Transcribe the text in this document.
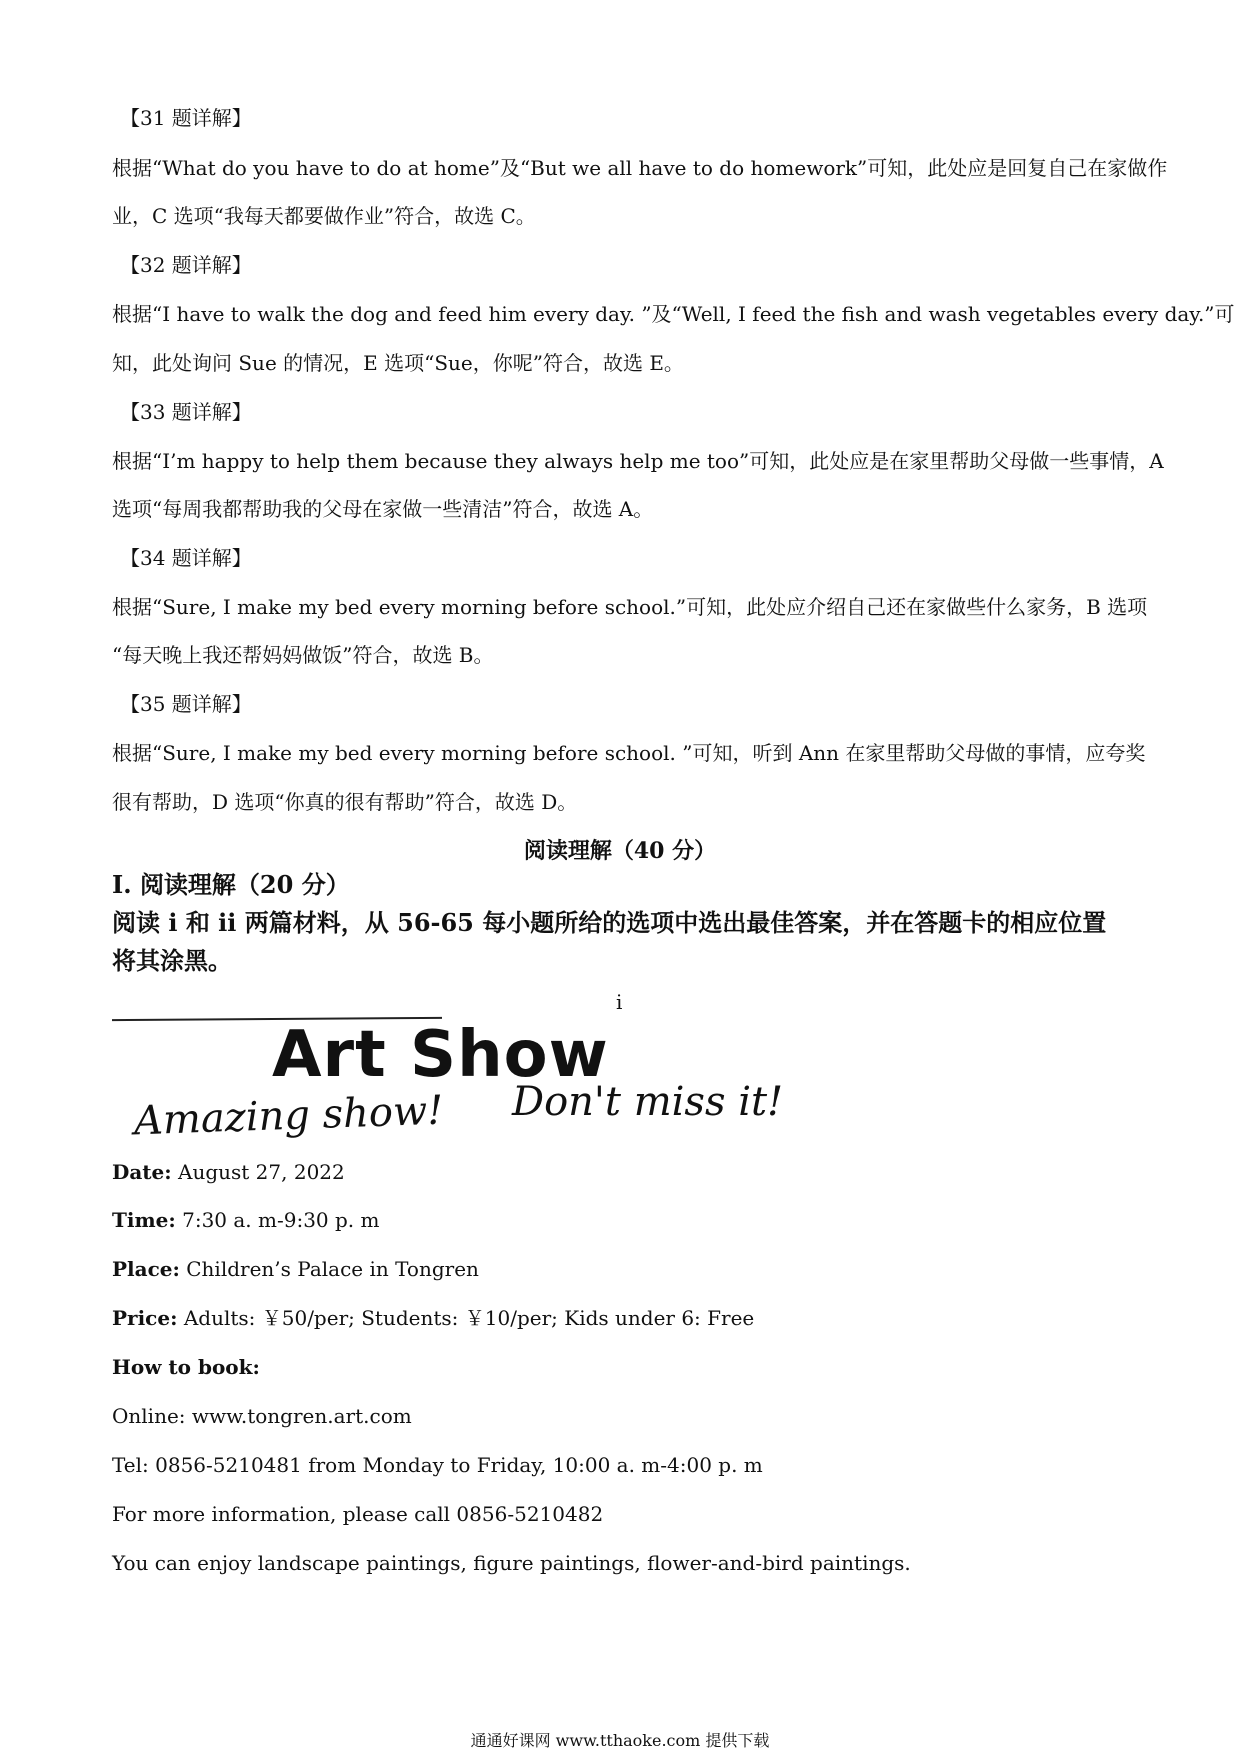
【31 题详解】
根据“What do you have to do at home”及“But we all have to do homework”可知，此处应是回复自己在家做作
业，C 选项“我每天都要做作业”符合，故选 C。
【32 题详解】
根据“I have to walk the dog and feed him every day. ”及“Well, I feed the fish and wash vegetables every day.”可
知，此处询问 Sue 的情况，E 选项“Sue，你呢”符合，故选 E。
【33 题详解】
根据“I’m happy to help them because they always help me too”可知，此处应是在家里帮助父母做一些事情，A
选项“每周我都帮助我的父母在家做一些清洁”符合，故选 A。
【34 题详解】
根据“Sure, I make my bed every morning before school.”可知，此处应介绍自己还在家做些什么家务，B 选项
“每天晚上我还帮妈妈做饭”符合，故选 B。
【35 题详解】
根据“Sure, I make my bed every morning before school. ”可知，听到 Ann 在家里帮助父母做的事情，应夸奖
很有帮助，D 选项“你真的很有帮助”符合，故选 D。
阅读理解（40 分）
Ⅰ. 阅读理解（20 分）
阅读 i 和 ii 两篇材料，从 56-65 每小题所给的选项中选出最佳答案，并在答题卡的相应位置
将其涂黑。
i
Art Show
Amazing show! Don't miss it!
Date: August 27, 2022
Time: 7:30 a. m-9:30 p. m
Place: Children’s Palace in Tongren
Price: Adults: ￥50/per; Students: ￥10/per; Kids under 6: Free
How to book:
Online: www.tongren.art.com
Tel: 0856-5210481 from Monday to Friday, 10:00 a. m-4:00 p. m
For more information, please call 0856-5210482
You can enjoy landscape paintings, figure paintings, flower-and-bird paintings.
通通好课网 www.tthaoke.com 提供下载
